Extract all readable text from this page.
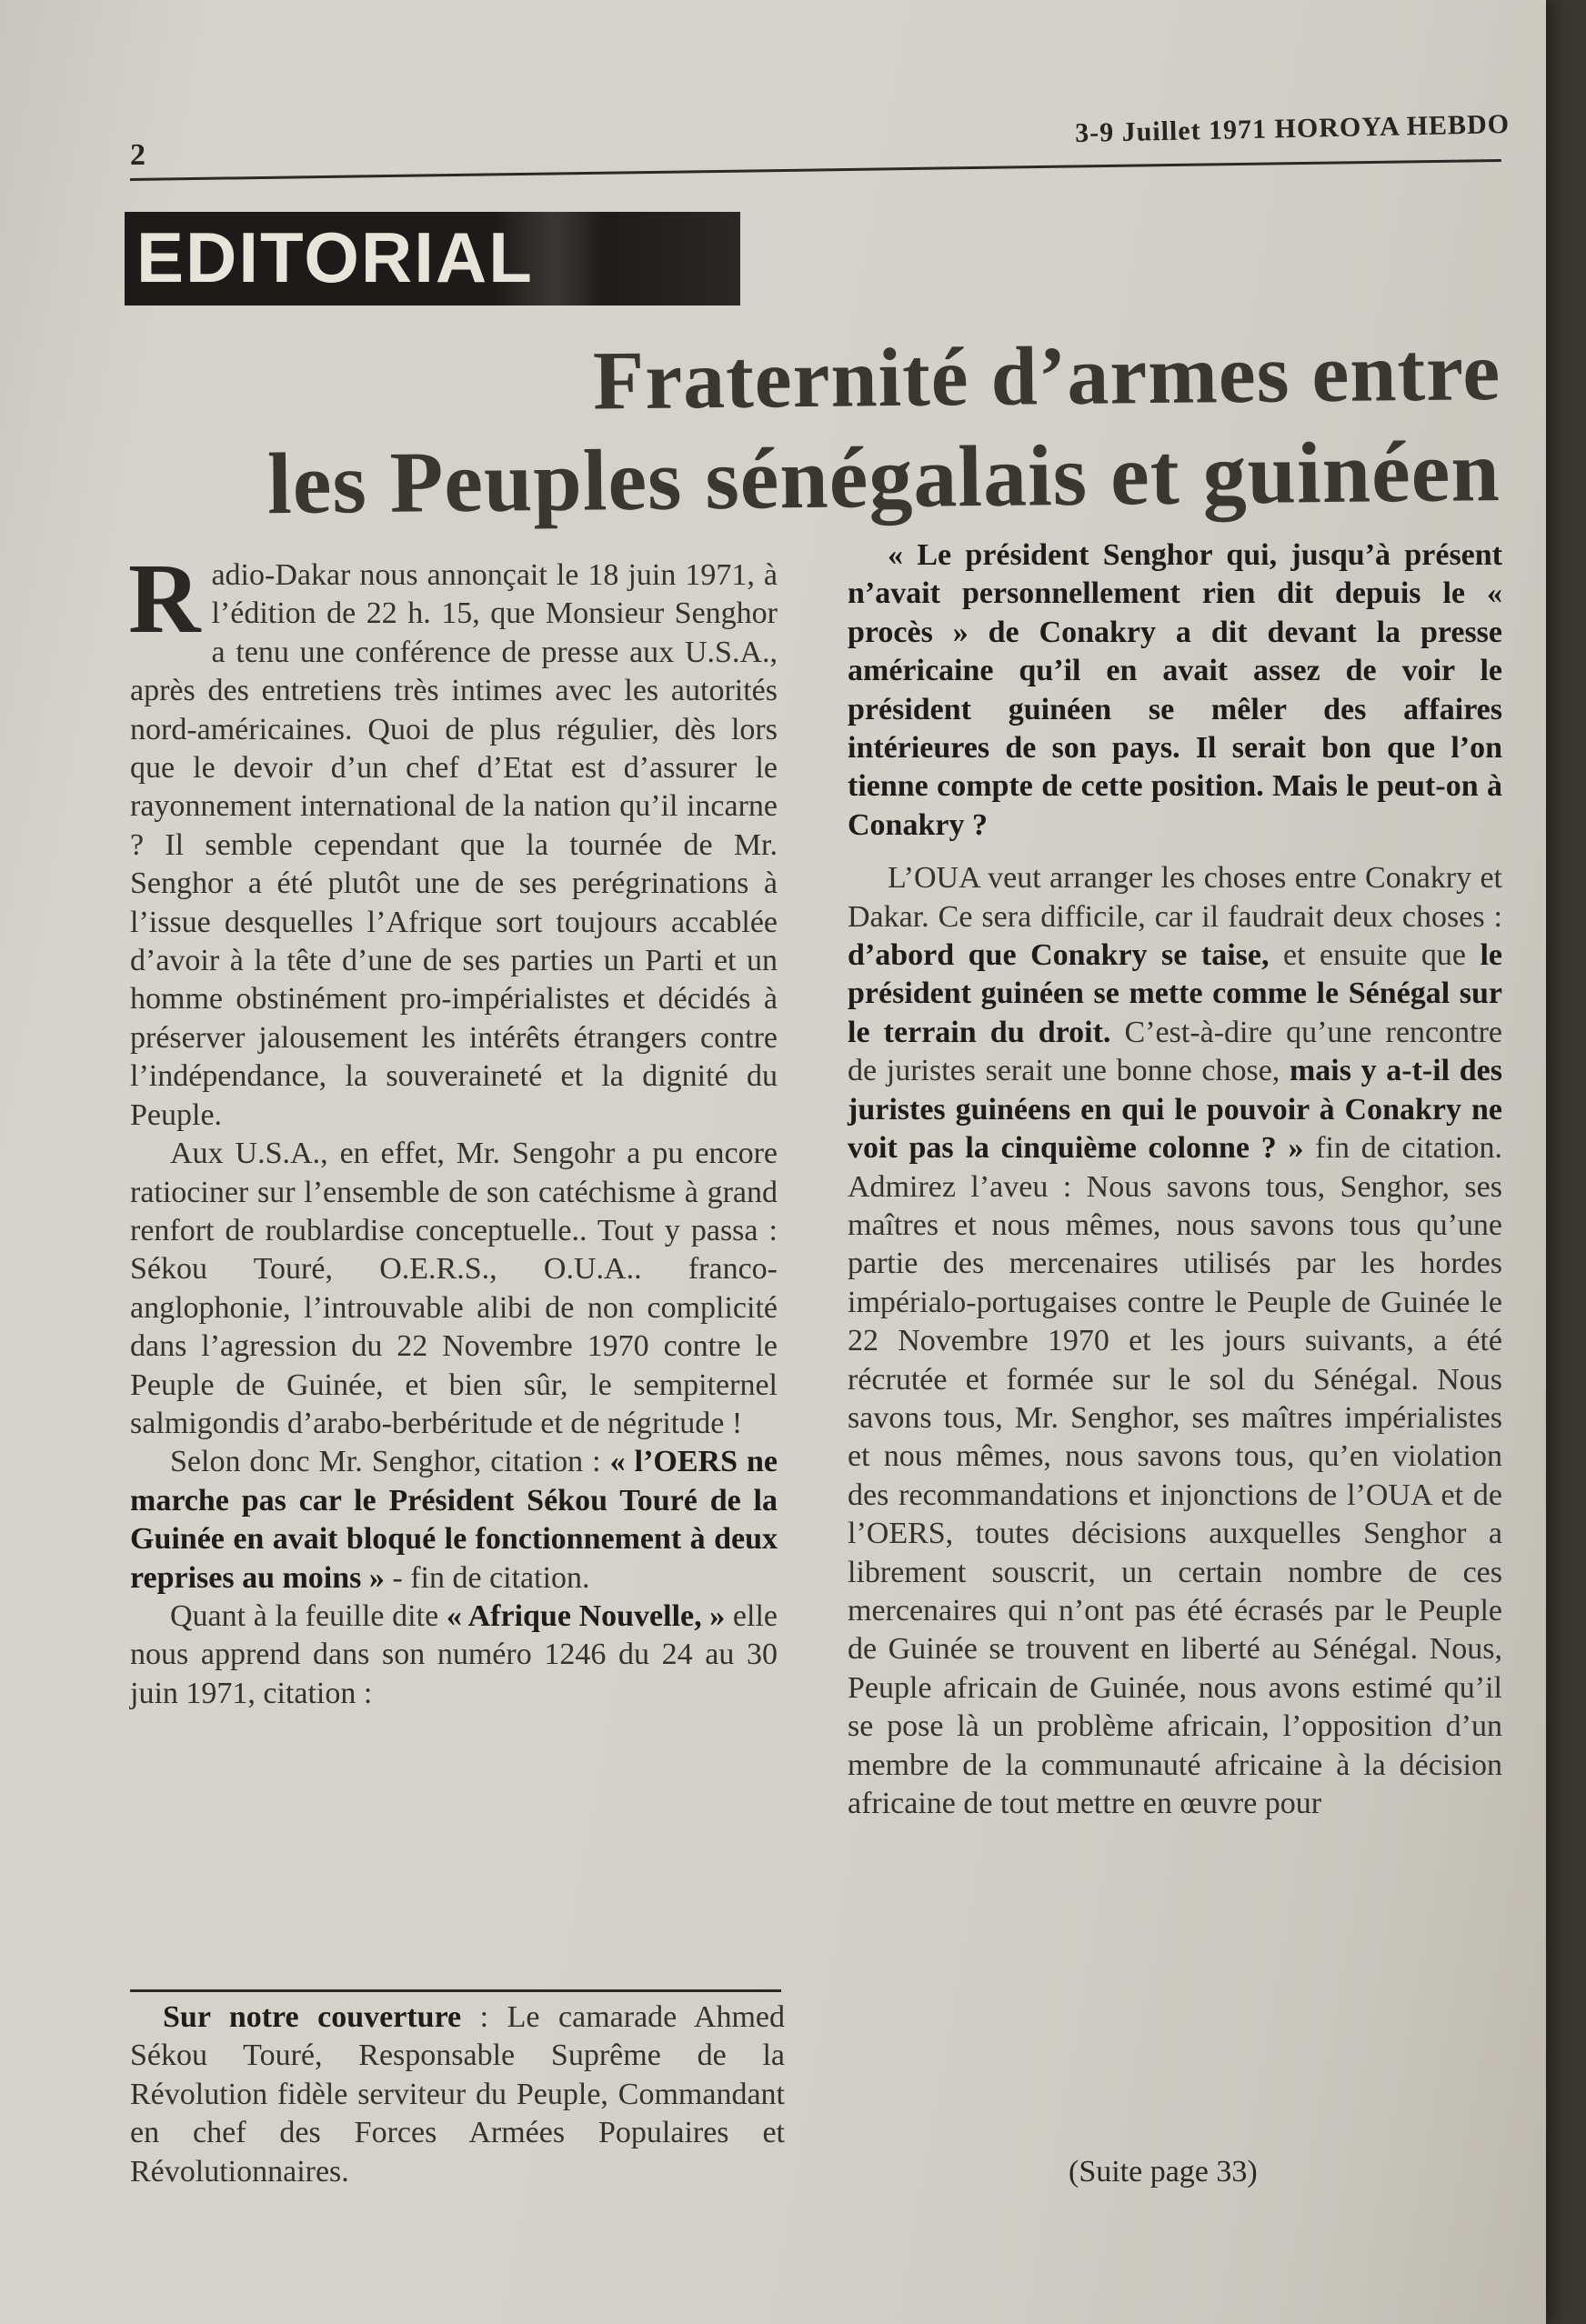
2
3-9 Juillet 1971 HOROYA HEBDO
EDITORIAL
Fraternité d’armes entre
les Peuples sénégalais et guinéen

Radio-Dakar nous annonçait le 18 juin 1971, à l’édition de 22 h. 15, que Monsieur Senghor a tenu une conférence de presse aux U.S.A., après des entretiens très intimes avec les autorités nord-américaines. Quoi de plus régulier, dès lors que le devoir d’un chef d’Etat est d’assurer le rayonnement international de la nation qu’il incarne ? Il semble cependant que la tournée de Mr. Senghor a été plutôt une de ses perégrinations à l’issue desquelles l’Afrique sort toujours accablée d’avoir à la tête d’une de ses parties un Parti et un homme obstinément pro-impérialistes et décidés à préserver jalousement les intérêts étrangers contre l’indépendance, la souveraineté et la dignité du Peuple.

Aux U.S.A., en effet, Mr. Sengohr a pu encore ratiociner sur l’ensemble de son catéchisme à grand renfort de roublardise conceptuelle.. Tout y passa : Sékou Touré, O.E.R.S., O.U.A.. franco-anglophonie, l’introuvable alibi de non complicité dans l’agression du 22 Novembre 1970 contre le Peuple de Guinée, et bien sûr, le sempiternel salmigondis d’arabo-berbéritude et de négritude !

Selon donc Mr. Senghor, citation : « l’OERS ne marche pas car le Président Sékou Touré de la Guinée en avait bloqué le fonctionnement à deux reprises au moins » - fin de citation.

Quant à la feuille dite « Afrique Nouvelle, » elle nous apprend dans son numéro 1246 du 24 au 30 juin 1971, citation :

Sur notre couverture : Le camarade Ahmed Sékou Touré, Responsable Suprême de la Révolution fidèle serviteur du Peuple, Commandant en chef des Forces Armées Populaires et Révolutionnaires.

« Le président Senghor qui, jusqu’à présent n’avait personnellement rien dit depuis le « procès » de Conakry a dit devant la presse américaine qu’il en avait assez de voir le président guinéen se mêler des affaires intérieures de son pays. Il serait bon que l’on tienne compte de cette position. Mais le peut-on à Conakry ?

L’OUA veut arranger les choses entre Conakry et Dakar. Ce sera difficile, car il faudrait deux choses : d’abord que Conakry se taise, et ensuite que le président guinéen se mette comme le Sénégal sur le terrain du droit. C’est-à-dire qu’une rencontre de juristes serait une bonne chose, mais y a-t-il des juristes guinéens en qui le pouvoir à Conakry ne voit pas la cinquième colonne ? » fin de citation. Admirez l’aveu : Nous savons tous, Senghor, ses maîtres et nous mêmes, nous savons tous qu’une partie des mercenaires utilisés par les hordes impérialo-portugaises contre le Peuple de Guinée le 22 Novembre 1970 et les jours suivants, a été récrutée et formée sur le sol du Sénégal. Nous savons tous, Mr. Senghor, ses maîtres impérialistes et nous mêmes, nous savons tous, qu’en violation des recommandations et injonctions de l’OUA et de l’OERS, toutes décisions auxquelles Senghor a librement souscrit, un certain nombre de ces mercenaires qui n’ont pas été écrasés par le Peuple de Guinée se trouvent en liberté au Sénégal. Nous, Peuple africain de Guinée, nous avons estimé qu’il se pose là un problème africain, l’opposition d’un membre de la communauté africaine à la décision africaine de tout mettre en œuvre pour

(Suite page 33)
